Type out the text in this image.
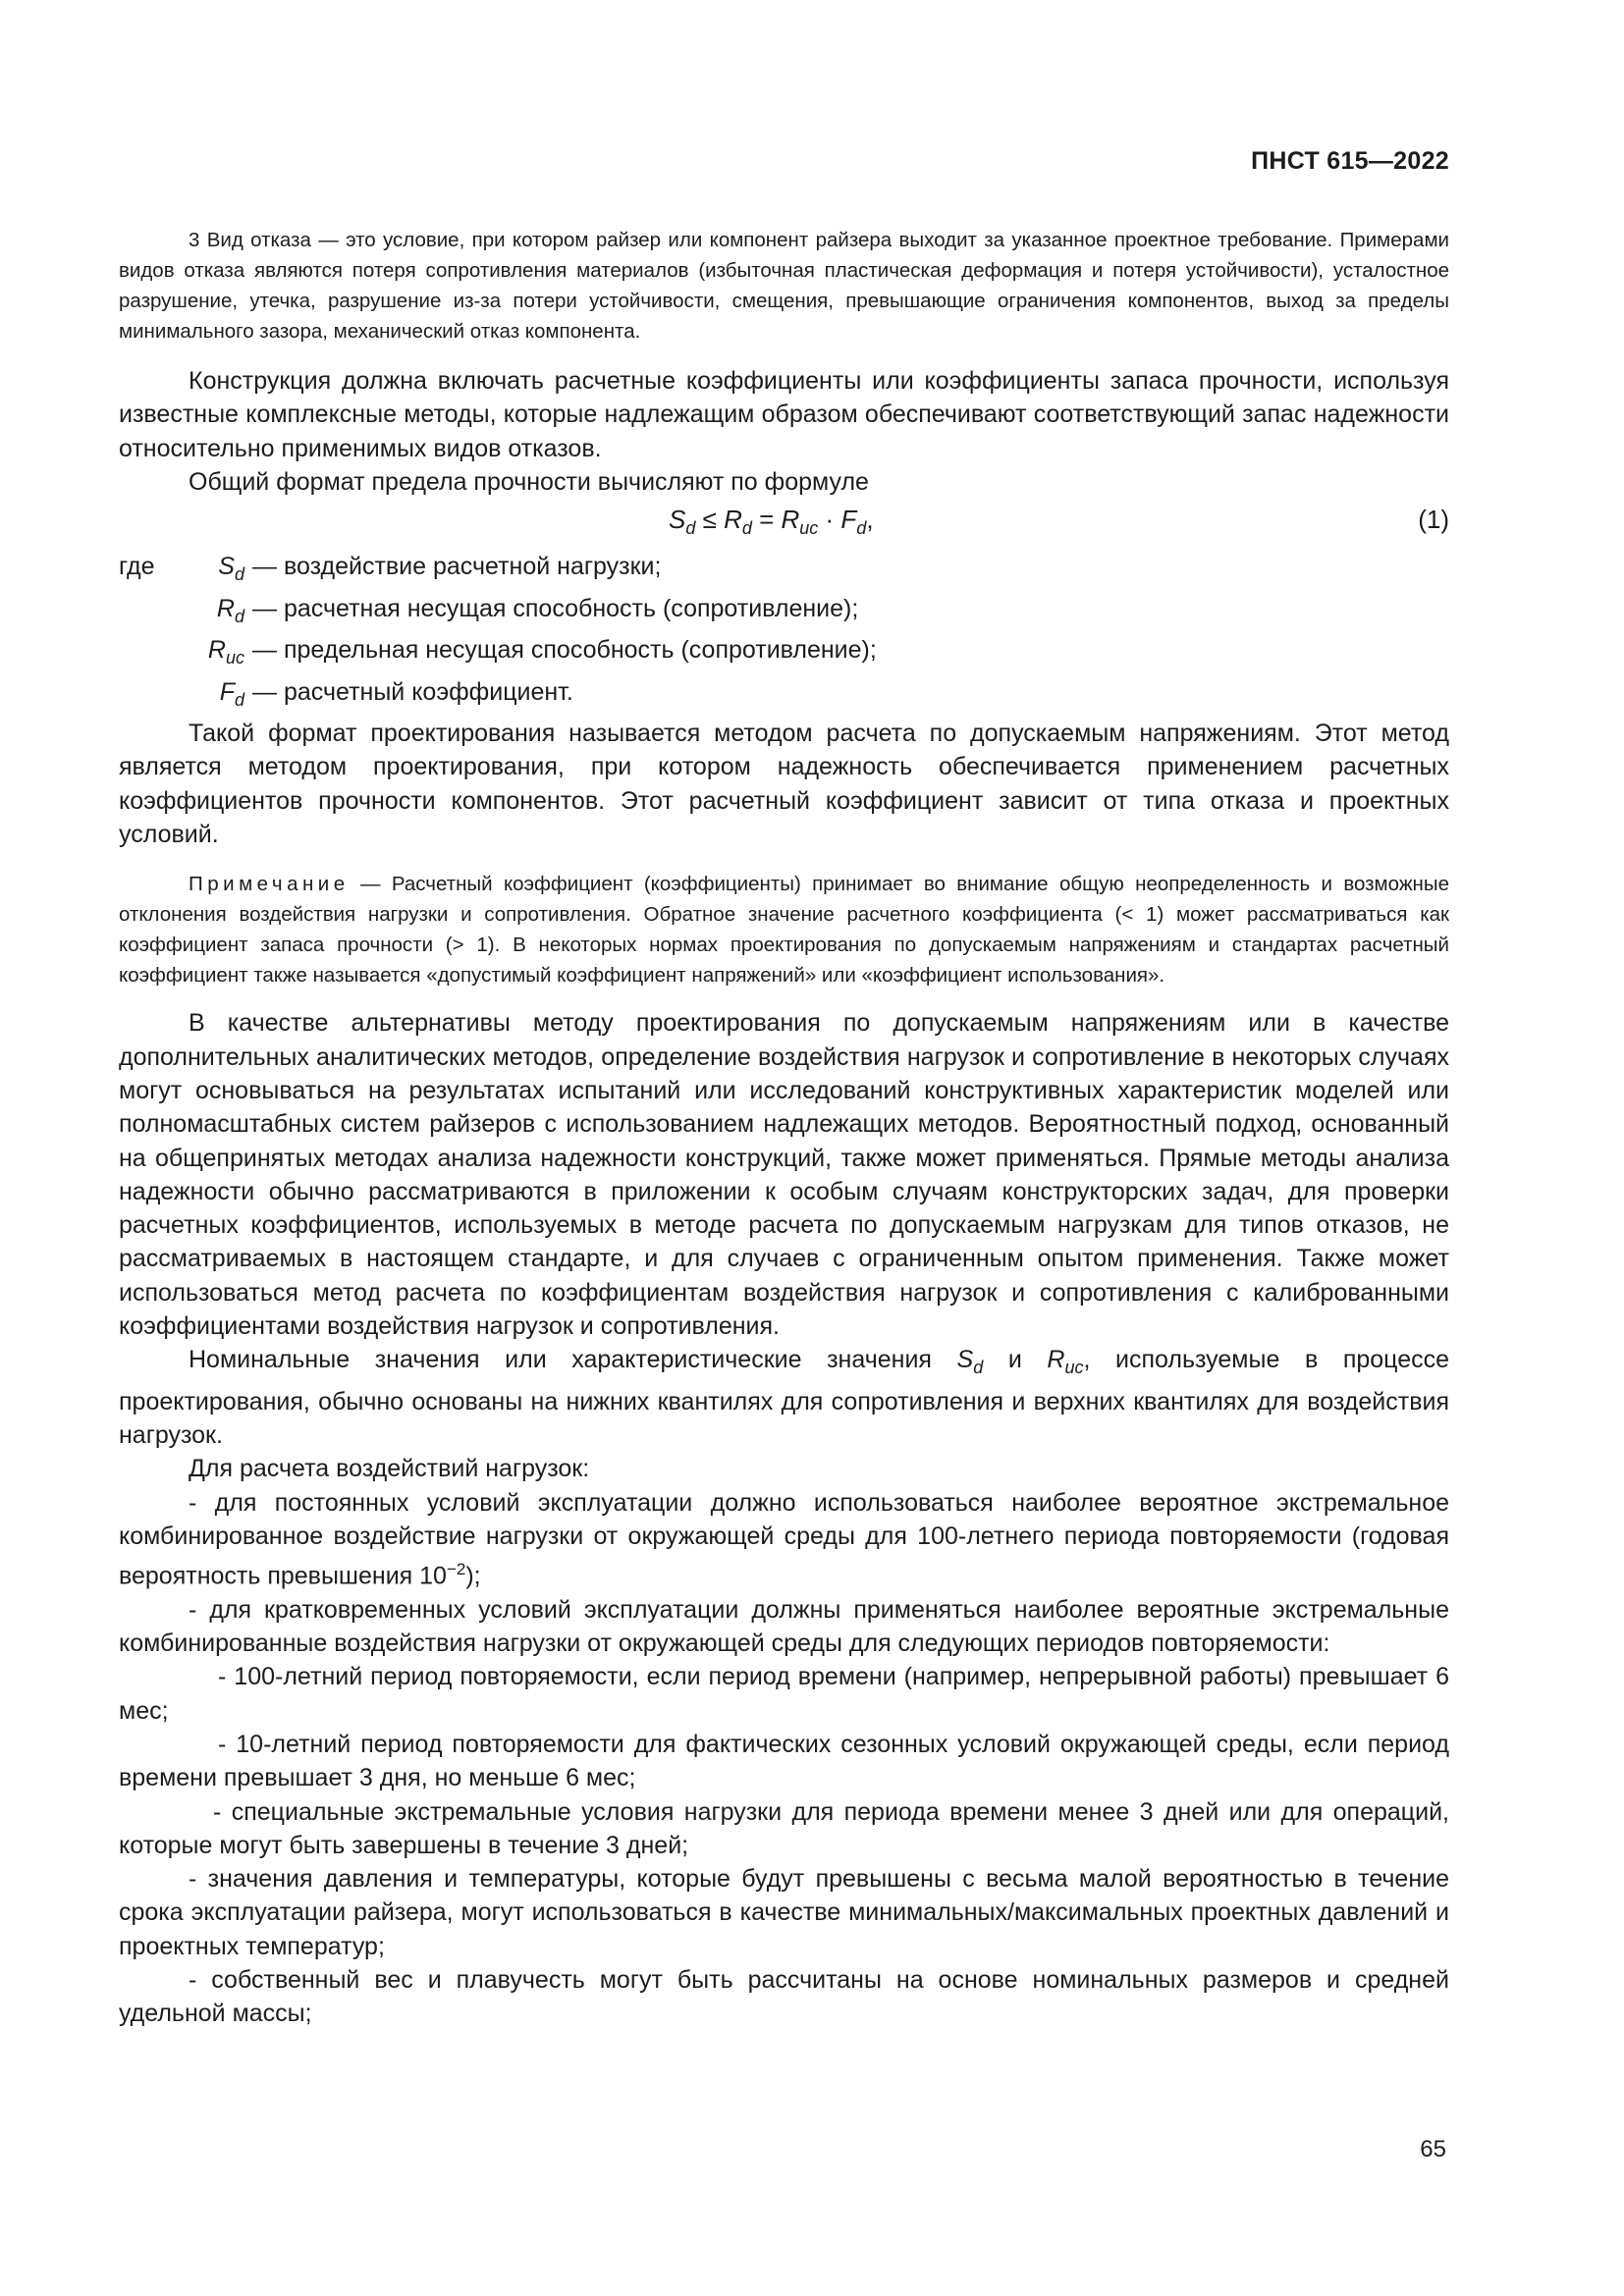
ПНСТ 615—2022

3 Вид отказа — это условие, при котором райзер или компонент райзера выходит за указанное проектное требование. Примерами видов отказа являются потеря сопротивления материалов (избыточная пластическая деформация и потеря устойчивости), усталостное разрушение, утечка, разрушение из-за потери устойчивости, смещения, превышающие ограничения компонентов, выход за пределы минимального зазора, механический отказ компонента.

Конструкция должна включать расчетные коэффициенты или коэффициенты запаса прочности, используя известные комплексные методы, которые надлежащим образом обеспечивают соответствующий запас надежности относительно применимых видов отказов.

Общий формат предела прочности вычисляют по формуле

$S_d \le R_d = R_{uc} \cdot F_d$,	(1)
где	$S_d$ — воздействие расчетной нагрузки;
$R_d$ — расчетная несущая способность (сопротивление);
$R_{uc}$ — предельная несущая способность (сопротивление);
$F_d$ — расчетный коэффициент.

Такой формат проектирования называется методом расчета по допускаемым напряжениям. Этот метод является методом проектирования, при котором надежность обеспечивается применением расчетных коэффициентов прочности компонентов. Этот расчетный коэффициент зависит от типа отказа и проектных условий.

Примечание — Расчетный коэффициент (коэффициенты) принимает во внимание общую неопределенность и возможные отклонения воздействия нагрузки и сопротивления. Обратное значение расчетного коэффициента (< 1) может рассматриваться как коэффициент запаса прочности (> 1). В некоторых нормах проектирования по допускаемым напряжениям и стандартах расчетный коэффициент также называется «допустимый коэффициент напряжений» или «коэффициент использования».

В качестве альтернативы методу проектирования по допускаемым напряжениям или в качестве дополнительных аналитических методов, определение воздействия нагрузок и сопротивление в некоторых случаях могут основываться на результатах испытаний или исследований конструктивных характеристик моделей или полномасштабных систем райзеров с использованием надлежащих методов. Вероятностный подход, основанный на общепринятых методах анализа надежности конструкций, также может применяться. Прямые методы анализа надежности обычно рассматриваются в приложении к особым случаям конструкторских задач, для проверки расчетных коэффициентов, используемых в методе расчета по допускаемым нагрузкам для типов отказов, не рассматриваемых в настоящем стандарте, и для случаев с ограниченным опытом применения. Также может использоваться метод расчета по коэффициентам воздействия нагрузок и сопротивления с калиброванными коэффициентами воздействия нагрузок и сопротивления.

Номинальные значения или характеристические значения $S_d$ и $R_{uc}$, используемые в процессе проектирования, обычно основаны на нижних квантилях для сопротивления и верхних квантилях для воздействия нагрузок.

Для расчета воздействий нагрузок:

- для постоянных условий эксплуатации должно использоваться наиболее вероятное экстремальное комбинированное воздействие нагрузки от окружающей среды для 100-летнего периода повторяемости (годовая вероятность превышения $10^{-2}$);

- для кратковременных условий эксплуатации должны применяться наиболее вероятные экстремальные комбинированные воздействия нагрузки от окружающей среды для следующих периодов повторяемости:

- 100-летний период повторяемости, если период времени (например, непрерывной работы) превышает 6 мес;

- 10-летний период повторяемости для фактических сезонных условий окружающей среды, если период времени превышает 3 дня, но меньше 6 мес;

- специальные экстремальные условия нагрузки для периода времени менее 3 дней или для операций, которые могут быть завершены в течение 3 дней;

- значения давления и температуры, которые будут превышены с весьма малой вероятностью в течение срока эксплуатации райзера, могут использоваться в качестве минимальных/максимальных проектных давлений и проектных температур;

- собственный вес и плавучесть могут быть рассчитаны на основе номинальных размеров и средней удельной массы;

65
